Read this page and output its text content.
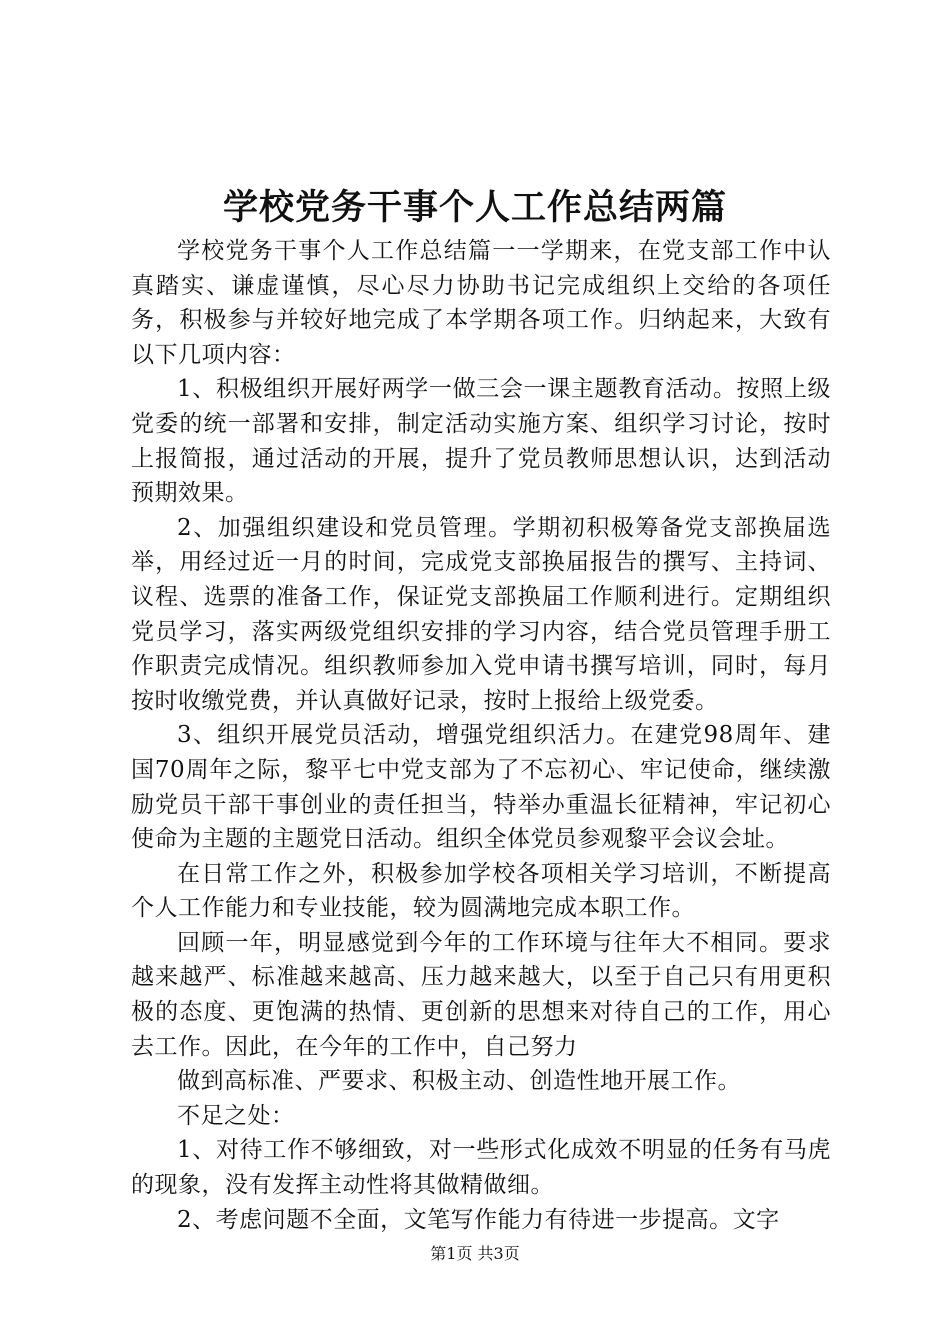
学校党务干事个人工作总结两篇

学校党务干事个人工作总结篇一一学期来，在党支部工作中认真踏实、谦虚谨慎，尽心尽力协助书记完成组织上交给的各项任务，积极参与并较好地完成了本学期各项工作。归纳起来，大致有以下几项内容：

1、积极组织开展好两学一做三会一课主题教育活动。按照上级党委的统一部署和安排，制定活动实施方案、组织学习讨论，按时上报简报，通过活动的开展，提升了党员教师思想认识，达到活动预期效果。

2、加强组织建设和党员管理。学期初积极筹备党支部换届选举，用经过近一月的时间，完成党支部换届报告的撰写、主持词、议程、选票的准备工作，保证党支部换届工作顺利进行。定期组织党员学习，落实两级党组织安排的学习内容，结合党员管理手册工作职责完成情况。组织教师参加入党申请书撰写培训，同时，每月按时收缴党费，并认真做好记录，按时上报给上级党委。

3、组织开展党员活动，增强党组织活力。在建党98周年、建国70周年之际，黎平七中党支部为了不忘初心、牢记使命，继续激励党员干部干事创业的责任担当，特举办重温长征精神，牢记初心使命为主题的主题党日活动。组织全体党员参观黎平会议会址。

在日常工作之外，积极参加学校各项相关学习培训，不断提高个人工作能力和专业技能，较为圆满地完成本职工作。

回顾一年，明显感觉到今年的工作环境与往年大不相同。要求越来越严、标准越来越高、压力越来越大，以至于自己只有用更积极的态度、更饱满的热情、更创新的思想来对待自己的工作，用心去工作。因此，在今年的工作中，自己努力

做到高标准、严要求、积极主动、创造性地开展工作。

不足之处：

1、对待工作不够细致，对一些形式化成效不明显的任务有马虎的现象，没有发挥主动性将其做精做细。

2、考虑问题不全面，文笔写作能力有待进一步提高。文字

第1页 共3页
